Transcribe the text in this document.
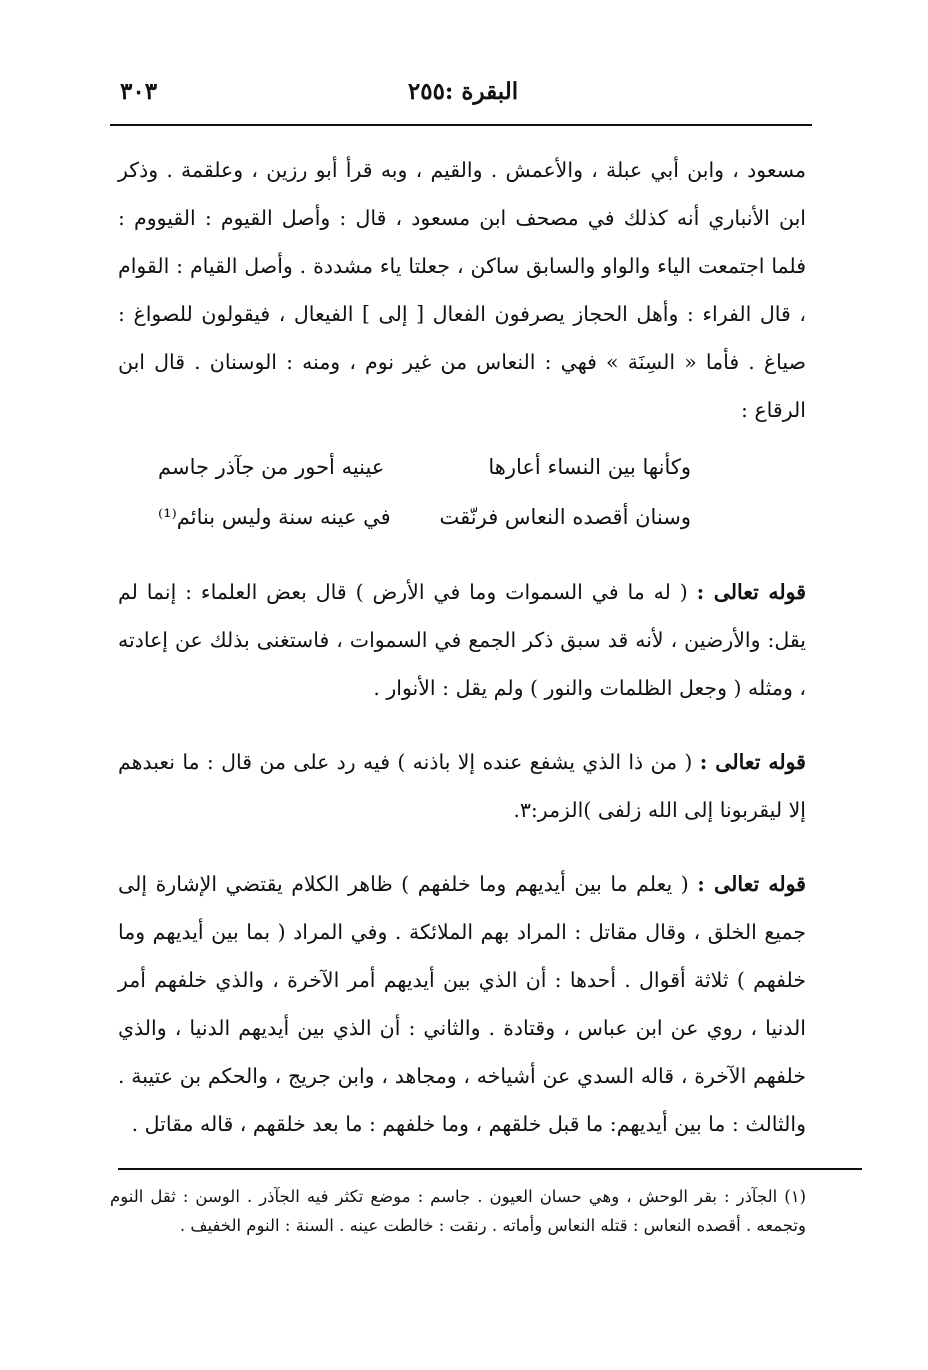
البقرة :٢٥٥
٣٠٣

مسعود ، وابن أبي عبلة ، والأعمش . والقيم ، وبه قرأ أبو رزين ، وعلقمة . وذكر ابن الأنباري أنه كذلك في مصحف ابن مسعود ، قال : وأصل القيوم : القيووم : فلما اجتمعت الياء والواو والسابق ساكن ، جعلتا ياء مشددة . وأصل القيام : القوام ، قال الفراء : وأهل الحجاز يصرفون الفعال [ إلى ] الفيعال ، فيقولون للصواغ : صياغ . فأما « السِنَة » فهي : النعاس من غير نوم ، ومنه : الوسنان . قال ابن الرقاع :

وكأنها بين النساء أعارها
عينيه أحور من جآذر جاسم
وسنان أقصده النعاس فرنّقت
في عينه سنة وليس بنائم⁽¹⁾

قوله تعالى : ( له ما في السموات وما في الأرض ) قال بعض العلماء : إنما لم يقل: والأرضين ، لأنه قد سبق ذكر الجمع في السموات ، فاستغنى بذلك عن إعادته ، ومثله ( وجعل الظلمات والنور ) ولم يقل : الأنوار .

قوله تعالى : ( من ذا الذي يشفع عنده إلا باذنه ) فيه رد على من قال : ما نعبدهم إلا ليقربونا إلى الله زلفى )الزمر:٣.

قوله تعالى : ( يعلم ما بين أيديهم وما خلفهم ) ظاهر الكلام يقتضي الإشارة إلى جميع الخلق ، وقال مقاتل : المراد بهم الملائكة . وفي المراد ( بما بين أيديهم وما خلفهم ) ثلاثة أقوال . أحدها : أن الذي بين أيديهم أمر الآخرة ، والذي خلفهم أمر الدنيا ، روي عن ابن عباس ، وقتادة . والثاني : أن الذي بين أيديهم الدنيا ، والذي خلفهم الآخرة ، قاله السدي عن أشياخه ، ومجاهد ، وابن جريج ، والحكم بن عتيبة . والثالث : ما بين أيديهم: ما قبل خلقهم ، وما خلفهم : ما بعد خلقهم ، قاله مقاتل .

(١) الجآذر : بقر الوحش ، وهي حسان العيون . جاسم : موضع تكثر فيه الجآذر . الوسن : ثقل النوم وتجمعه . أقصده النعاس : قتله النعاس وأماته . رنقت : خالطت عينه . السنة : النوم الخفيف .
